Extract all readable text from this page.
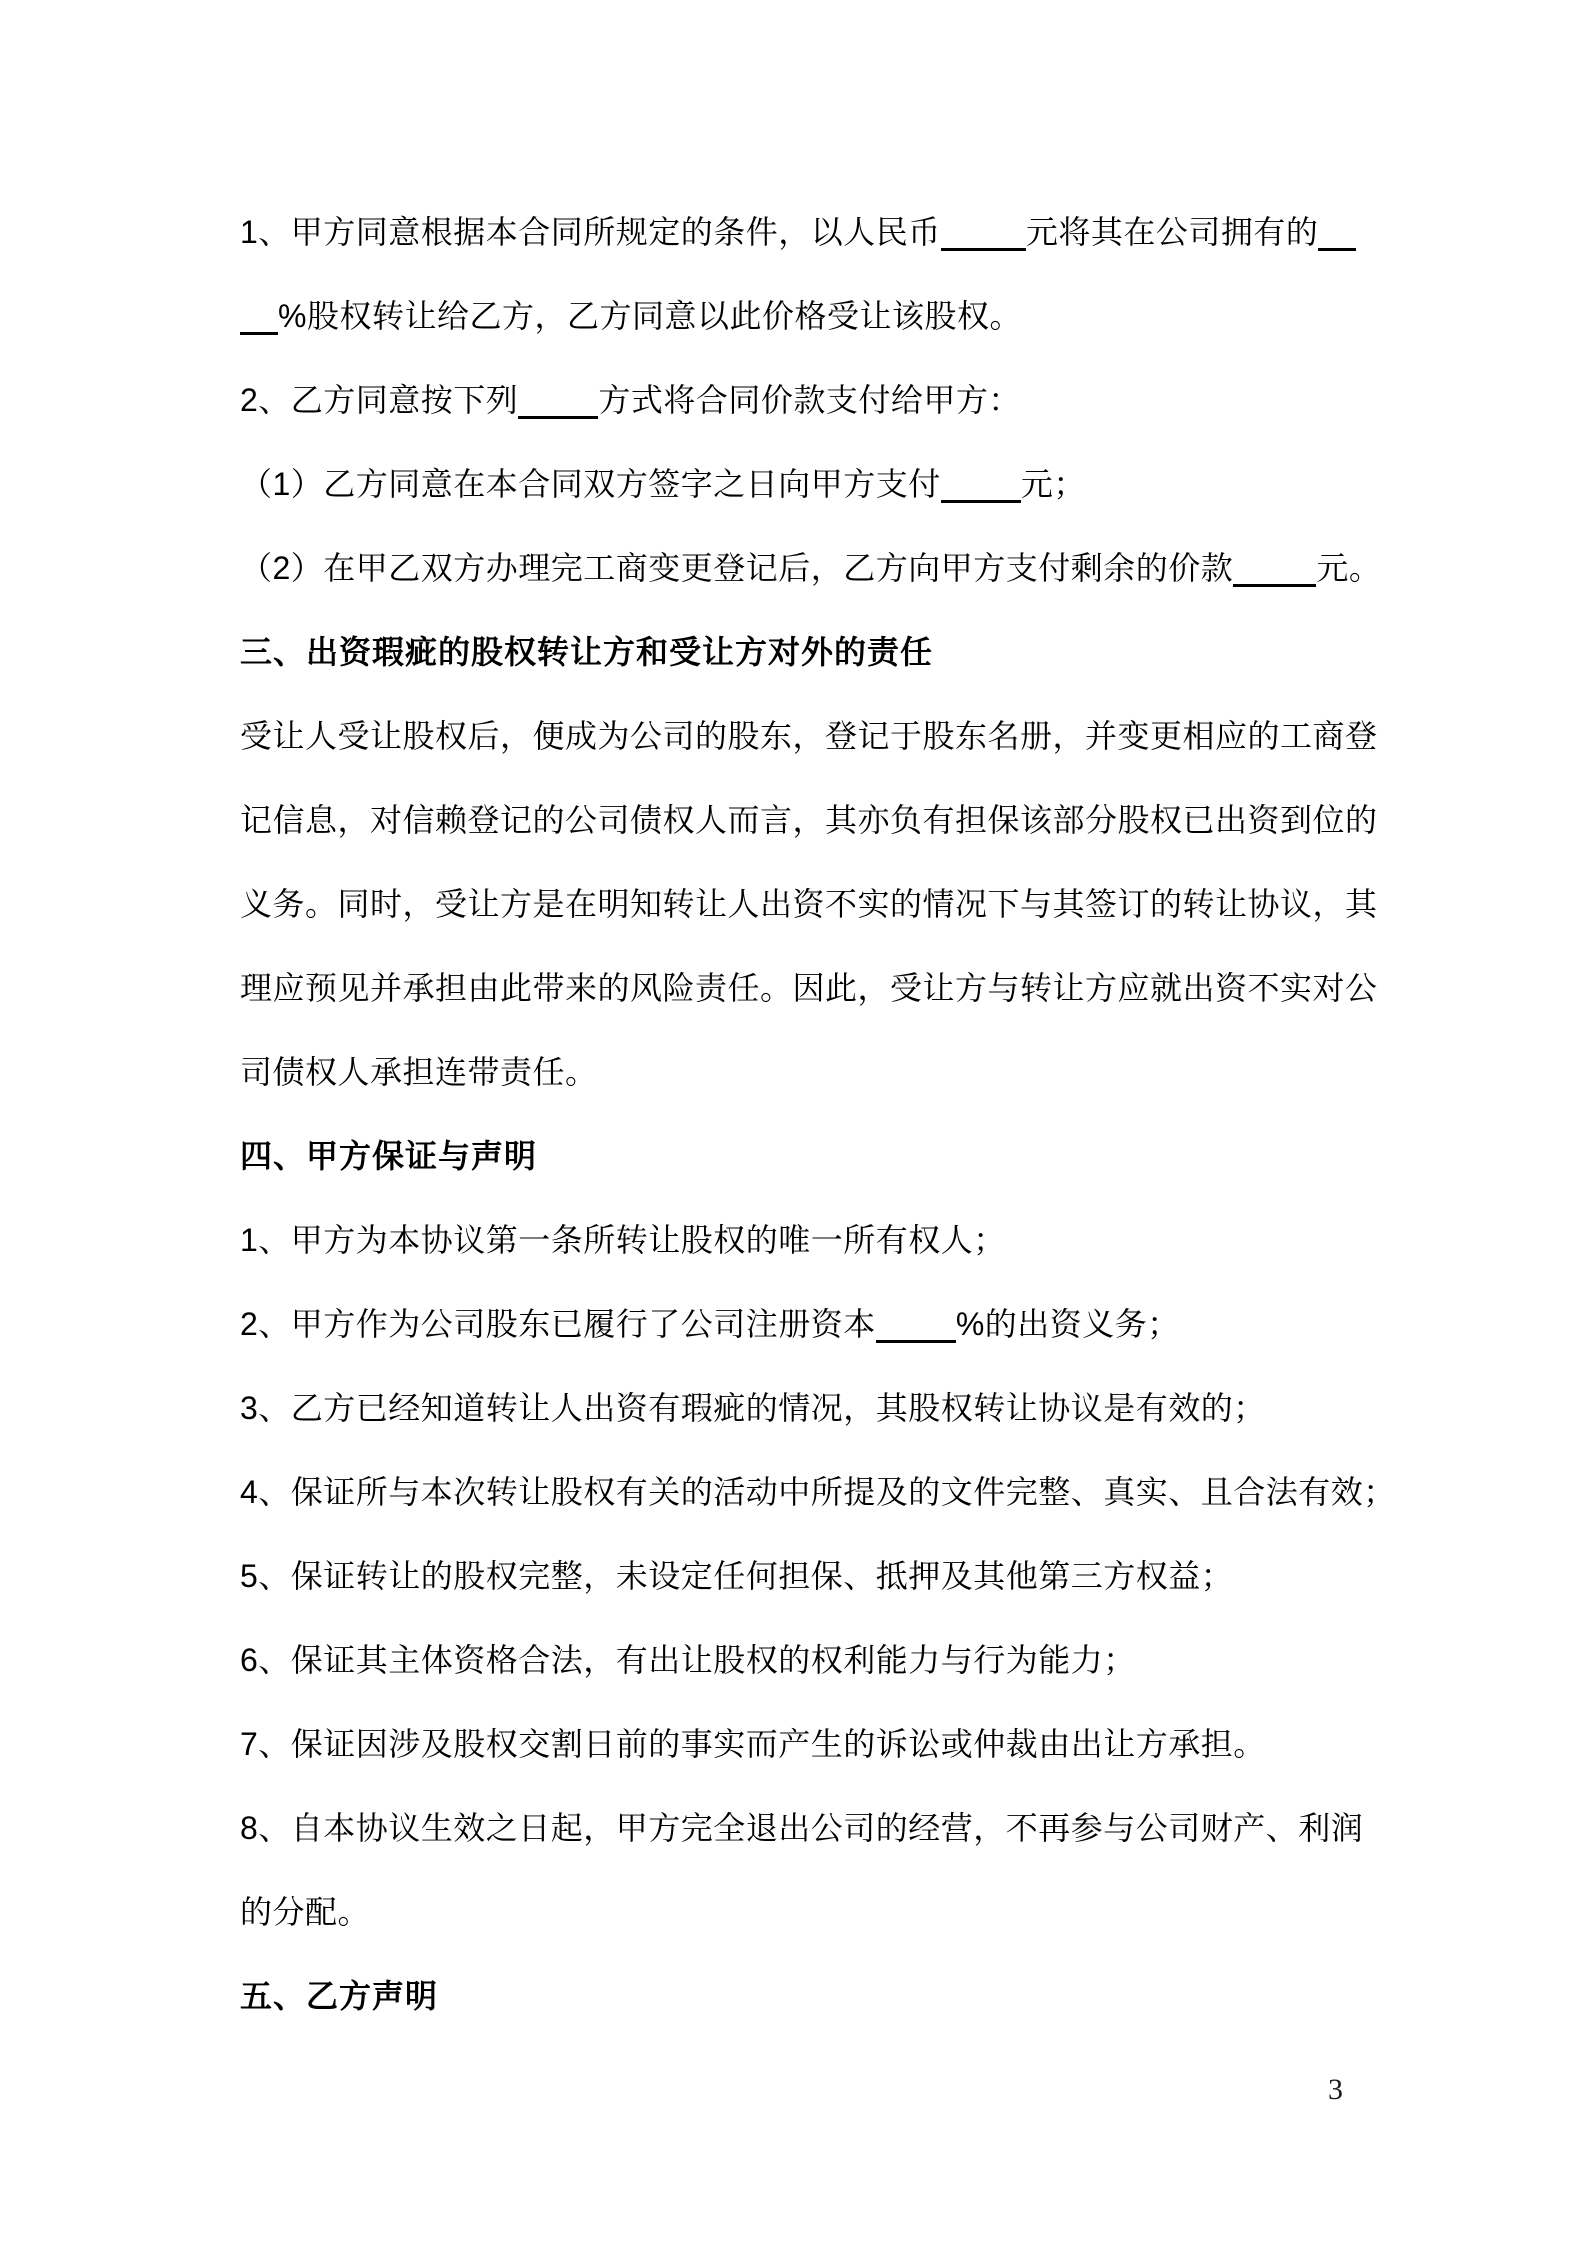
1、甲方同意根据本合同所规定的条件，以人民币	元将其在公司拥有的
%股权转让给乙方，乙方同意以此价格受让该股权。
2、乙方同意按下列	方式将合同价款支付给甲方：
（1）乙方同意在本合同双方签字之日向甲方支付	元；
（2）在甲乙双方办理完工商变更登记后，乙方向甲方支付剩余的价款	元。
三、出资瑕疵的股权转让方和受让方对外的责任
受让人受让股权后，便成为公司的股东，登记于股东名册，并变更相应的工商登
记信息，对信赖登记的公司债权人而言，其亦负有担保该部分股权已出资到位的
义务。同时，受让方是在明知转让人出资不实的情况下与其签订的转让协议，其
理应预见并承担由此带来的风险责任。因此，受让方与转让方应就出资不实对公
司债权人承担连带责任。
四、甲方保证与声明
1、甲方为本协议第一条所转让股权的唯一所有权人；
2、甲方作为公司股东已履行了公司注册资本	%的出资义务；
3、乙方已经知道转让人出资有瑕疵的情况，其股权转让协议是有效的；
4、保证所与本次转让股权有关的活动中所提及的文件完整、真实、且合法有效；
5、保证转让的股权完整，未设定任何担保、抵押及其他第三方权益；
6、保证其主体资格合法，有出让股权的权利能力与行为能力；
7、保证因涉及股权交割日前的事实而产生的诉讼或仲裁由出让方承担。
8、自本协议生效之日起，甲方完全退出公司的经营，不再参与公司财产、利润
的分配。
五、乙方声明
3
